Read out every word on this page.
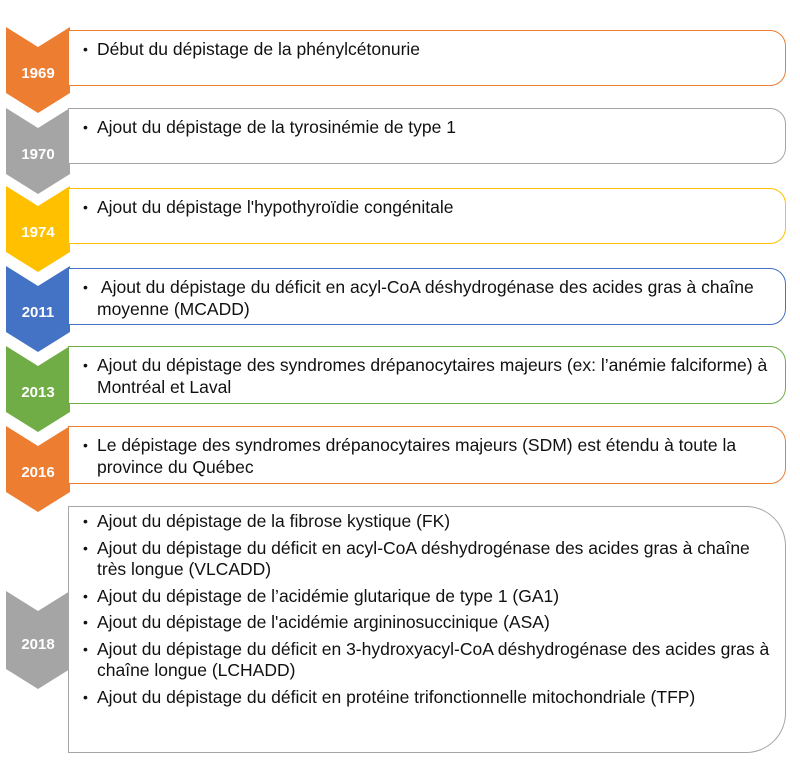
1969
• Début du dépistage de la phénylcétonurie
1970
• Ajout du dépistage de la tyrosinémie de type 1
1974
• Ajout du dépistage l'hypothyroïdie congénitale
2011
• Ajout du dépistage du déficit en acyl-CoA déshydrogénase des acides gras à chaîne moyenne (MCADD)
2013
• Ajout du dépistage des syndromes drépanocytaires majeurs (ex: l’anémie falciforme) à Montréal et Laval
2016
• Le dépistage des syndromes drépanocytaires majeurs (SDM) est étendu à toute la province du Québec
2018
• Ajout du dépistage de la fibrose kystique (FK)
• Ajout du dépistage du déficit en acyl-CoA déshydrogénase des acides gras à chaîne très longue (VLCADD)
• Ajout du dépistage de l’acidémie glutarique de type 1 (GA1)
• Ajout du dépistage de l'acidémie argininosuccinique (ASA)
• Ajout du dépistage du déficit en 3-hydroxyacyl-CoA déshydrogénase des acides gras à chaîne longue (LCHADD)
• Ajout du dépistage du déficit en protéine trifonctionnelle mitochondriale (TFP)
